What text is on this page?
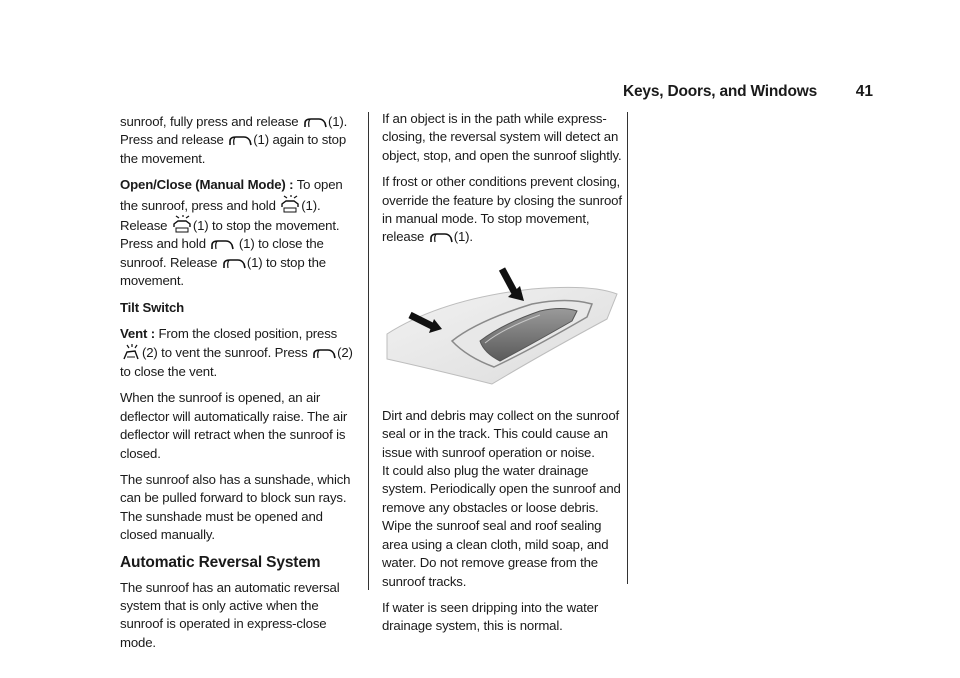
Keys, Doors, and Windows	41

sunroof, fully press and release (1). Press and release (1) again to stop the movement.

Open/Close (Manual Mode) : To open the sunroof, press and hold (1). Release (1) to stop the movement. Press and hold	(1) to close the sunroof. Release (1) to stop the movement.

Tilt Switch

Vent : From the closed position, press
(2) to vent the sunroof. Press (2) to close the vent.

When the sunroof is opened, an air deflector will automatically raise. The air deflector will retract when the sunroof is closed.

The sunroof also has a sunshade, which can be pulled forward to block sun rays. The sunshade must be opened and closed manually.

Automatic Reversal System

The sunroof has an automatic reversal system that is only active when the sunroof is operated in express-close mode.

If an object is in the path while express-closing, the reversal system will detect an object, stop, and open the sunroof slightly.

If frost or other conditions prevent closing, override the feature by closing the sunroof in manual mode. To stop movement, release (1).

Dirt and debris may collect on the sunroof seal or in the track. This could cause an issue with sunroof operation or noise.

It could also plug the water drainage system. Periodically open the sunroof and remove any obstacles or loose debris. Wipe the sunroof seal and roof sealing area using a clean cloth, mild soap, and water. Do not remove grease from the sunroof tracks.

If water is seen dripping into the water drainage system, this is normal.
